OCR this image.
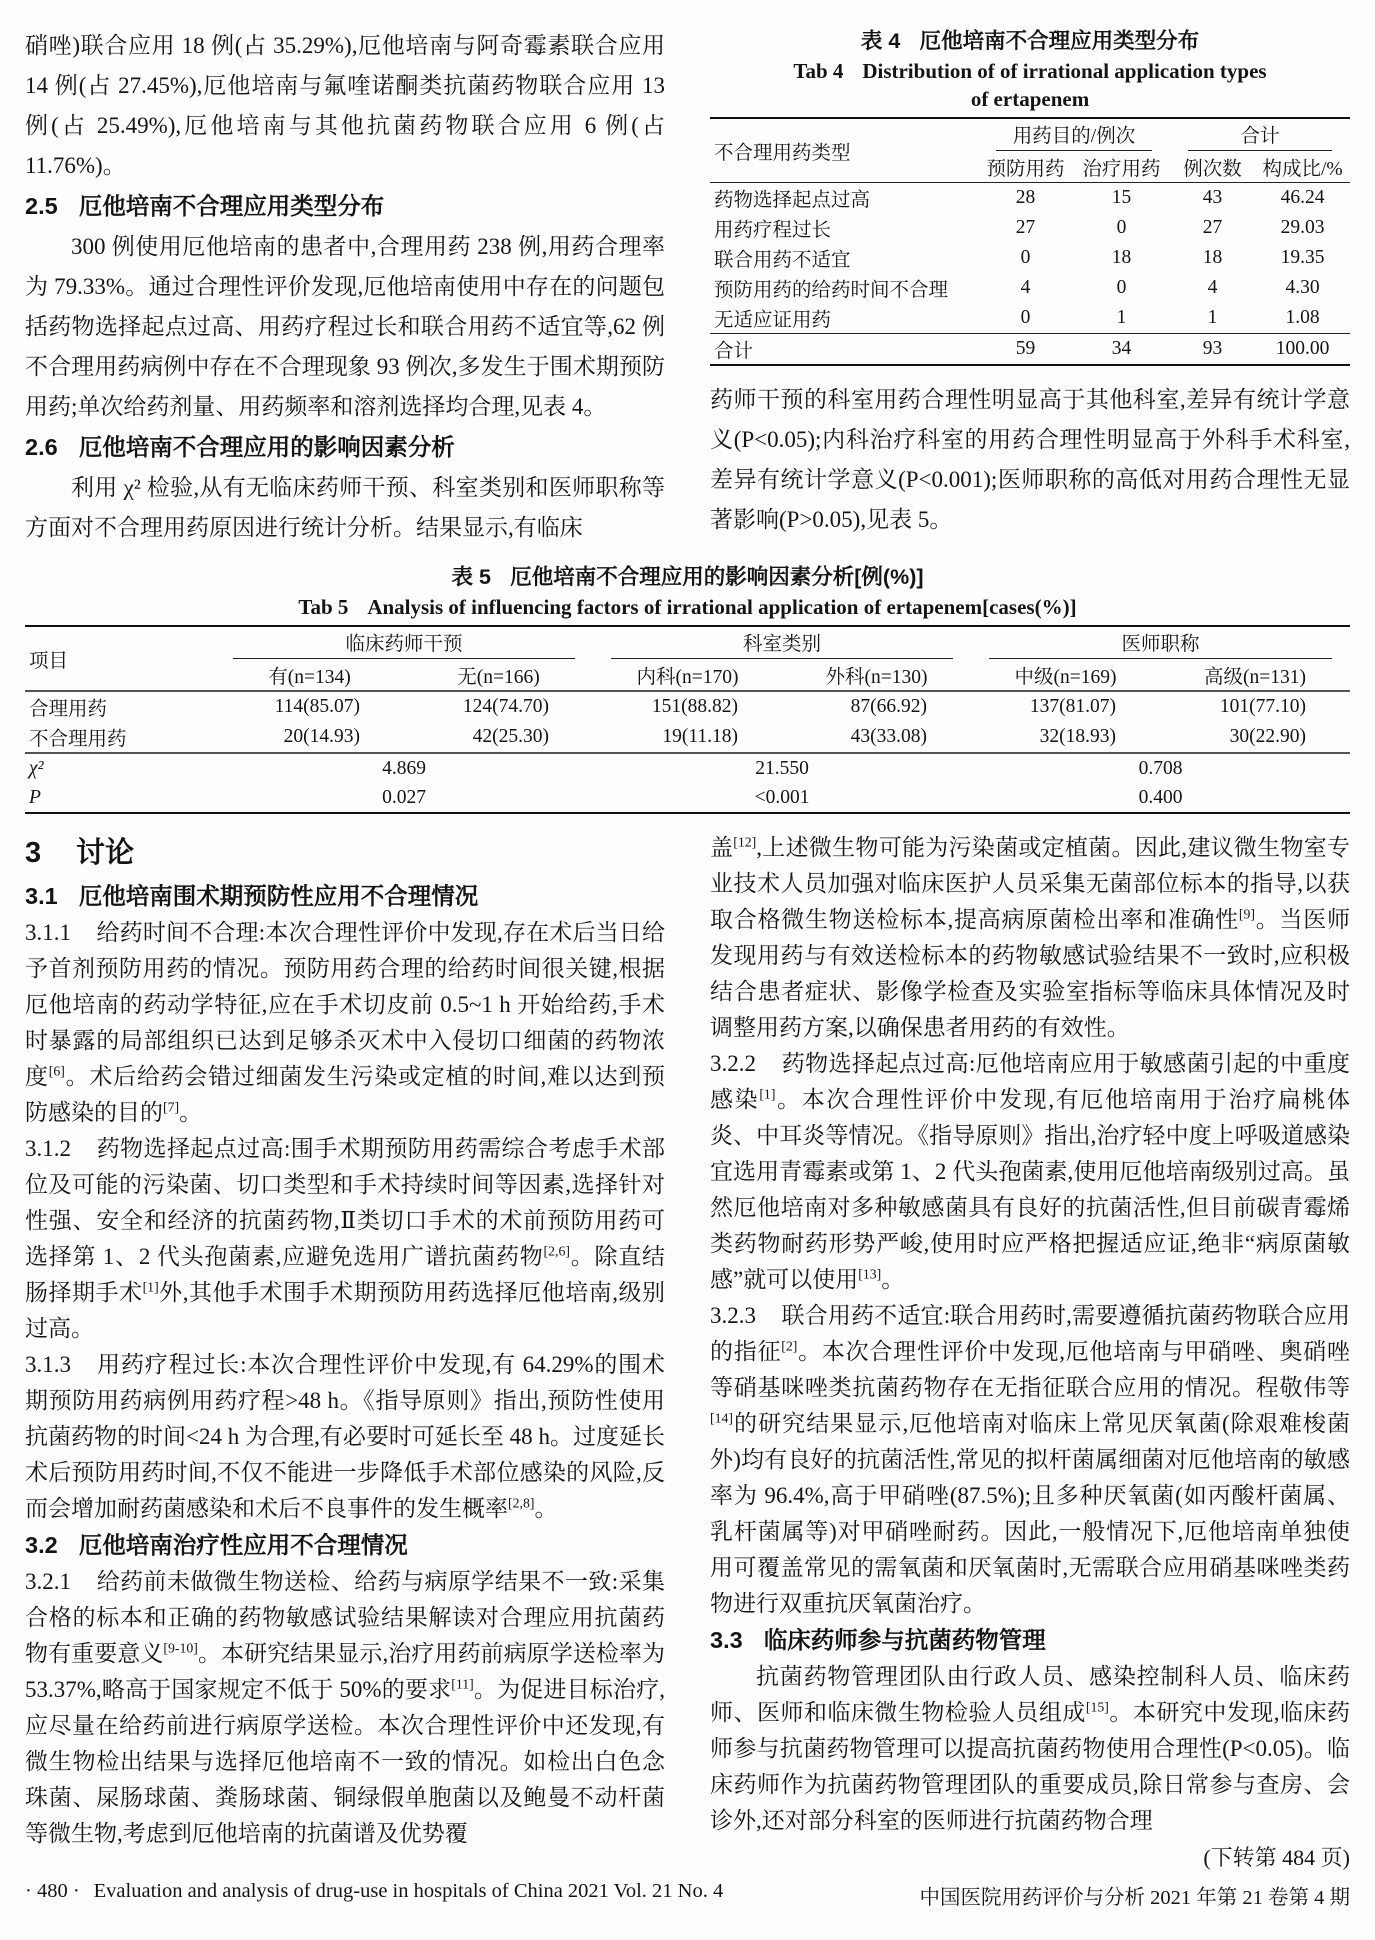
硝唑)联合应用 18 例(占 35.29%),厄他培南与阿奇霉素联合应用 14 例(占 27.45%),厄他培南与氟喹诺酮类抗菌药物联合应用 13 例(占 25.49%),厄他培南与其他抗菌药物联合应用 6 例(占 11.76%)。

2.5 厄他培南不合理应用类型分布

300 例使用厄他培南的患者中,合理用药 238 例,用药合理率为 79.33%。通过合理性评价发现,厄他培南使用中存在的问题包括药物选择起点过高、用药疗程过长和联合用药不适宜等,62 例不合理用药病例中存在不合理现象 93 例次,多发生于围术期预防用药;单次给药剂量、用药频率和溶剂选择均合理,见表 4。

2.6 厄他培南不合理应用的影响因素分析

利用 χ² 检验,从有无临床药师干预、科室类别和医师职称等方面对不合理用药原因进行统计分析。结果显示,有临床

表 4 厄他培南不合理应用类型分布

Tab 4 Distribution of of irrational application types

of ertapenem

不合理用药类型	用药目的/例次		合计	

	预防用药	治疗用药	例次数	构成比/%
药物选择起点过高	28	15	43	46.24
用药疗程过长	27	0	27	29.03
联合用药不适宜	0	18	18	19.35
预防用药的给药时间不合理	4	0	4	4.30
无适应证用药	0	1	1	1.08
合计	59	34	93	100.00

药师干预的科室用药合理性明显高于其他科室,差异有统计学意义(P<0.05);内科治疗科室的用药合理性明显高于外科手术科室,差异有统计学意义(P<0.001);医师职称的高低对用药合理性无显著影响(P>0.05),见表 5。

表 5 厄他培南不合理应用的影响因素分析[例(%)]

Tab 5 Analysis of influencing factors of irrational application of ertapenem[cases(%)]

项目	临床药师干预		科室类别		医师职称	

	有(n=134)	无(n=166)	内科(n=170)	外科(n=130)	中级(n=169)	高级(n=131)
合理用药	114(85.07)	124(74.70)	151(88.82)	87(66.92)	137(81.07)	101(77.10)
不合理用药	20(14.93)	42(25.30)	19(11.18)	43(33.08)	32(18.93)	30(22.90)
χ²	4.869		21.550		0.708	
P	0.027		<0.001		0.400	

3 讨论

3.1 厄他培南围术期预防性应用不合理情况

3.1.1 给药时间不合理:本次合理性评价中发现,存在术后当日给予首剂预防用药的情况。预防用药合理的给药时间很关键,根据厄他培南的药动学特征,应在手术切皮前 0.5~1 h 开始给药,手术时暴露的局部组织已达到足够杀灭术中入侵切口细菌的药物浓度[6]。术后给药会错过细菌发生污染或定植的时间,难以达到预防感染的目的[7]。

3.1.2 药物选择起点过高:围手术期预防用药需综合考虑手术部位及可能的污染菌、切口类型和手术持续时间等因素,选择针对性强、安全和经济的抗菌药物,Ⅱ类切口手术的术前预防用药可选择第 1、2 代头孢菌素,应避免选用广谱抗菌药物[2,6]。除直结肠择期手术[1]外,其他手术围手术期预防用药选择厄他培南,级别过高。

3.1.3 用药疗程过长:本次合理性评价中发现,有 64.29%的围术期预防用药病例用药疗程>48 h。《指导原则》指出,预防性使用抗菌药物的时间<24 h 为合理,有必要时可延长至 48 h。过度延长术后预防用药时间,不仅不能进一步降低手术部位感染的风险,反而会增加耐药菌感染和术后不良事件的发生概率[2,8]。

3.2 厄他培南治疗性应用不合理情况

3.2.1 给药前未做微生物送检、给药与病原学结果不一致:采集合格的标本和正确的药物敏感试验结果解读对合理应用抗菌药物有重要意义[9-10]。本研究结果显示,治疗用药前病原学送检率为 53.37%,略高于国家规定不低于 50%的要求[11]。为促进目标治疗,应尽量在给药前进行病原学送检。本次合理性评价中还发现,有微生物检出结果与选择厄他培南不一致的情况。如检出白色念珠菌、屎肠球菌、粪肠球菌、铜绿假单胞菌以及鲍曼不动杆菌等微生物,考虑到厄他培南的抗菌谱及优势覆

盖[12],上述微生物可能为污染菌或定植菌。因此,建议微生物室专业技术人员加强对临床医护人员采集无菌部位标本的指导,以获取合格微生物送检标本,提高病原菌检出率和准确性[9]。当医师发现用药与有效送检标本的药物敏感试验结果不一致时,应积极结合患者症状、影像学检查及实验室指标等临床具体情况及时调整用药方案,以确保患者用药的有效性。

3.2.2 药物选择起点过高:厄他培南应用于敏感菌引起的中重度感染[1]。本次合理性评价中发现,有厄他培南用于治疗扁桃体炎、中耳炎等情况。《指导原则》指出,治疗轻中度上呼吸道感染宜选用青霉素或第 1、2 代头孢菌素,使用厄他培南级别过高。虽然厄他培南对多种敏感菌具有良好的抗菌活性,但目前碳青霉烯类药物耐药形势严峻,使用时应严格把握适应证,绝非“病原菌敏感”就可以使用[13]。

3.2.3 联合用药不适宜:联合用药时,需要遵循抗菌药物联合应用的指征[2]。本次合理性评价中发现,厄他培南与甲硝唑、奥硝唑等硝基咪唑类抗菌药物存在无指征联合应用的情况。程敬伟等[14]的研究结果显示,厄他培南对临床上常见厌氧菌(除艰难梭菌外)均有良好的抗菌活性,常见的拟杆菌属细菌对厄他培南的敏感率为 96.4%,高于甲硝唑(87.5%);且多种厌氧菌(如丙酸杆菌属、乳杆菌属等)对甲硝唑耐药。因此,一般情况下,厄他培南单独使用可覆盖常见的需氧菌和厌氧菌时,无需联合应用硝基咪唑类药物进行双重抗厌氧菌治疗。

3.3 临床药师参与抗菌药物管理

抗菌药物管理团队由行政人员、感染控制科人员、临床药师、医师和临床微生物检验人员组成[15]。本研究中发现,临床药师参与抗菌药物管理可以提高抗菌药物使用合理性(P<0.05)。临床药师作为抗菌药物管理团队的重要成员,除日常参与查房、会诊外,还对部分科室的医师进行抗菌药物合理

(下转第 484 页)

· 480 · Evaluation and analysis of drug-use in hospitals of China 2021 Vol. 21 No. 4	中国医院用药评价与分析 2021 年第 21 卷第 4 期
